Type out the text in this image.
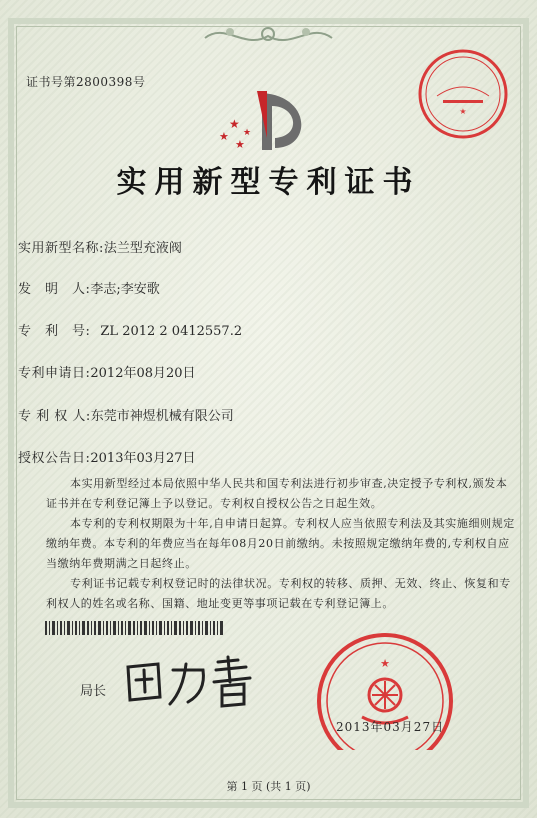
证书号第2800398号
★
★
★
★
★
实用新型专利证书
实用新型名称:法兰型充液阀
发　明　人:李志;李安歌
专　利　号: ZL 2012 2 0412557.2
专利申请日:2012年08月20日
专 利 权 人:东莞市神煜机械有限公司
授权公告日:2013年03月27日
本实用新型经过本局依照中华人民共和国专利法进行初步审查,决定授予专利权,颁发本证书并在专利登记簿上予以登记。专利权自授权公告之日起生效。
本专利的专利权期限为十年,自申请日起算。专利权人应当依照专利法及其实施细则规定缴纳年费。本专利的年费应当在每年08月20日前缴纳。未按照规定缴纳年费的,专利权自应当缴纳年费期满之日起终止。
专利证书记载专利权登记时的法律状况。专利权的转移、质押、无效、终止、恢复和专利权人的姓名或名称、国籍、地址变更等事项记载在专利登记簿上。
局长
★
2013年03月27日
第 1 页 (共 1 页)
